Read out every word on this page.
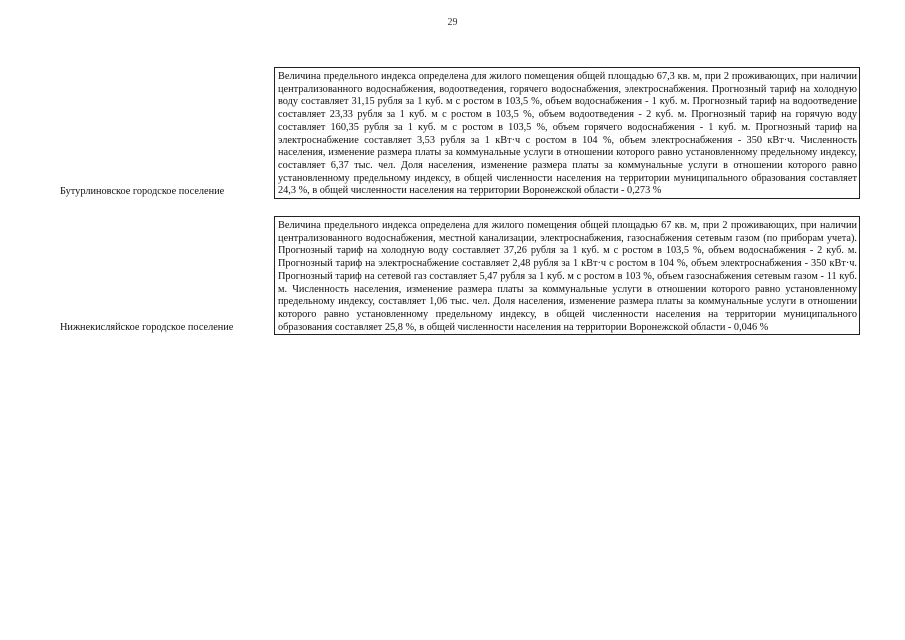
29
Бутурлиновское городское поселение	Величина предельного индекса определена для жилого помещения общей площадью 67,3 кв. м, при 2 проживающих, при наличии централизованного водоснабжения, водоотведения, горячего водоснабжения, электроснабжения. Прогнозный тариф на холодную воду составляет 31,15 рубля за 1 куб. м с ростом в 103,5 %, объем водоснабжения - 1 куб. м. Прогнозный тариф на водоотведение составляет 23,33 рубля за 1 куб. м с ростом в 103,5 %, объем водоотведения - 2 куб. м. Прогнозный тариф на горячую воду составляет 160,35 рубля за 1 куб. м с ростом в 103,5 %, объем горячего водоснабжения - 1 куб. м. Прогнозный тариф на электроснабжение составляет 3,53 рубля за 1 кВт·ч с ростом в 104 %, объем электроснабжения - 350 кВт·ч. Численность населения, изменение размера платы за коммунальные услуги в отношении которого равно установленному предельному индексу, составляет 6,37 тыс. чел. Доля населения, изменение размера платы за коммунальные услуги в отношении которого равно установленному предельному индексу, в общей численности населения на территории муниципального образования составляет 24,3 %, в общей численности населения на территории Воронежской области - 0,273 %

Нижнекисляйское городское поселение	Величина предельного индекса определена для жилого помещения общей площадью 67 кв. м, при 2 проживающих, при наличии централизованного водоснабжения, местной канализации, электроснабжения, газоснабжения сетевым газом (по приборам учета). Прогнозный тариф на холодную воду составляет 37,26 рубля за 1 куб. м с ростом в 103,5 %, объем водоснабжения - 2 куб. м. Прогнозный тариф на электроснабжение составляет 2,48 рубля за 1 кВт·ч с ростом в 104 %, объем электроснабжения - 350 кВт·ч. Прогнозный тариф на сетевой газ составляет 5,47 рубля за 1 куб. м с ростом в 103 %, объем газоснабжения сетевым газом - 11 куб. м. Численность населения, изменение размера платы за коммунальные услуги в отношении которого равно установленному предельному индексу, составляет 1,06 тыс. чел. Доля населения, изменение размера платы за коммунальные услуги в отношении которого равно установленному предельному индексу, в общей численности населения на территории муниципального образования составляет 25,8 %, в общей численности населения на территории Воронежской области - 0,046 %
